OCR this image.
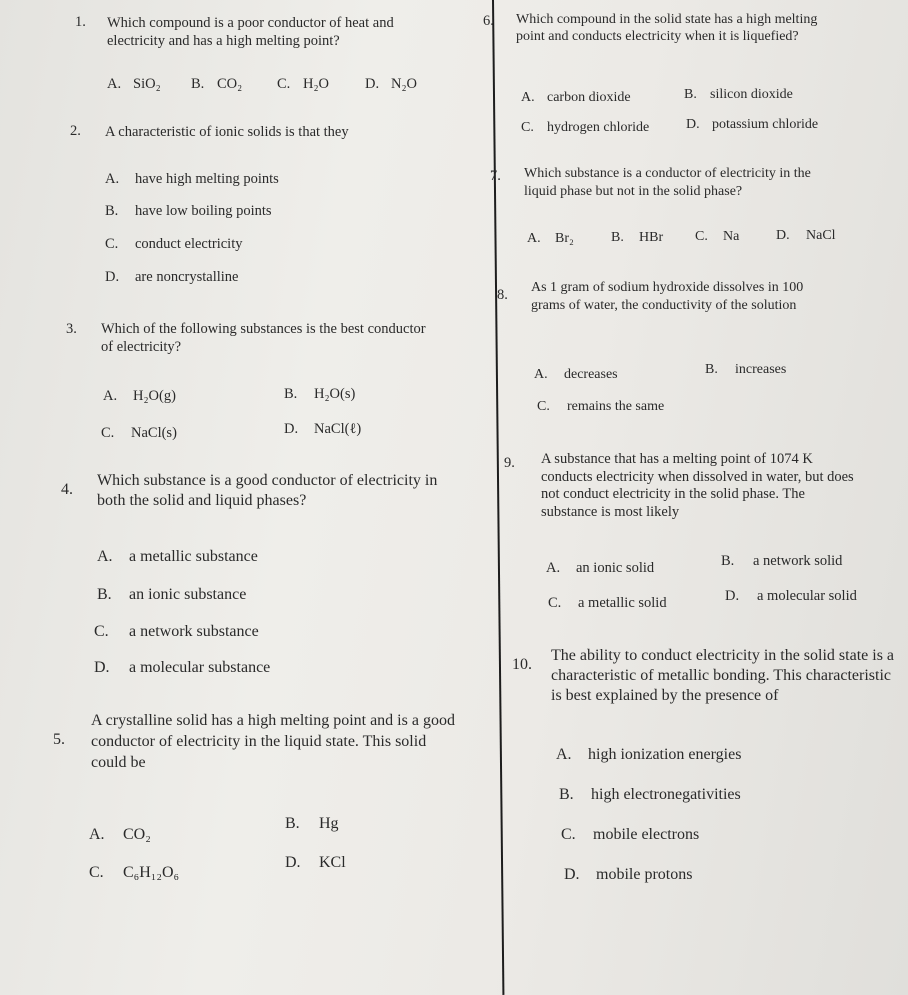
1. Which compound is a poor conductor of heat and electricity and has a high melting point?
A. SiO₂ B. CO₂ C. H₂O D. N₂O
2. A characteristic of ionic solids is that they
A. have high melting points
B. have low boiling points
C. conduct electricity
D. are noncrystalline
3. Which of the following substances is the best conductor of electricity?
A. H₂O(g)	B. H₂O(s)
C. NaCl(s)	D. NaCl(ℓ)
4.
Which substance is a good conductor of electricity in both the solid and liquid phases?
A. a metallic substance
B. an ionic substance
C. a network substance
D. a molecular substance
5.
A crystalline solid has a high melting point and is a good conductor of electricity in the liquid state. This solid could be
A. CO₂
B. Hg
C. C₆H₁₂O₆
D. KCl
6. Which compound in the solid state has a high melting point and conducts electricity when it is liquefied?
A. carbon dioxide	B. silicon dioxide
C. hydrogen chloride	D. potassium chloride
7. Which substance is a conductor of electricity in the liquid phase but not in the solid phase?
A. Br₂	B. HBr C. Na	D. NaCl
8. As 1 gram of sodium hydroxide dissolves in 100 grams of water, the conductivity of the solution
A. decreases	B. increases
C. remains the same
9. A substance that has a melting point of 1074 K conducts electricity when dissolved in water, but does not conduct electricity in the solid phase. The substance is most likely
A. an ionic solid	B. a network solid
C. a metallic solid	D. a molecular solid
10.
The ability to conduct electricity in the solid state is a characteristic of metallic bonding. This characteristic is best explained by the presence of
A. high ionization energies
B. high electronegativities
C. mobile electrons
D. mobile protons
